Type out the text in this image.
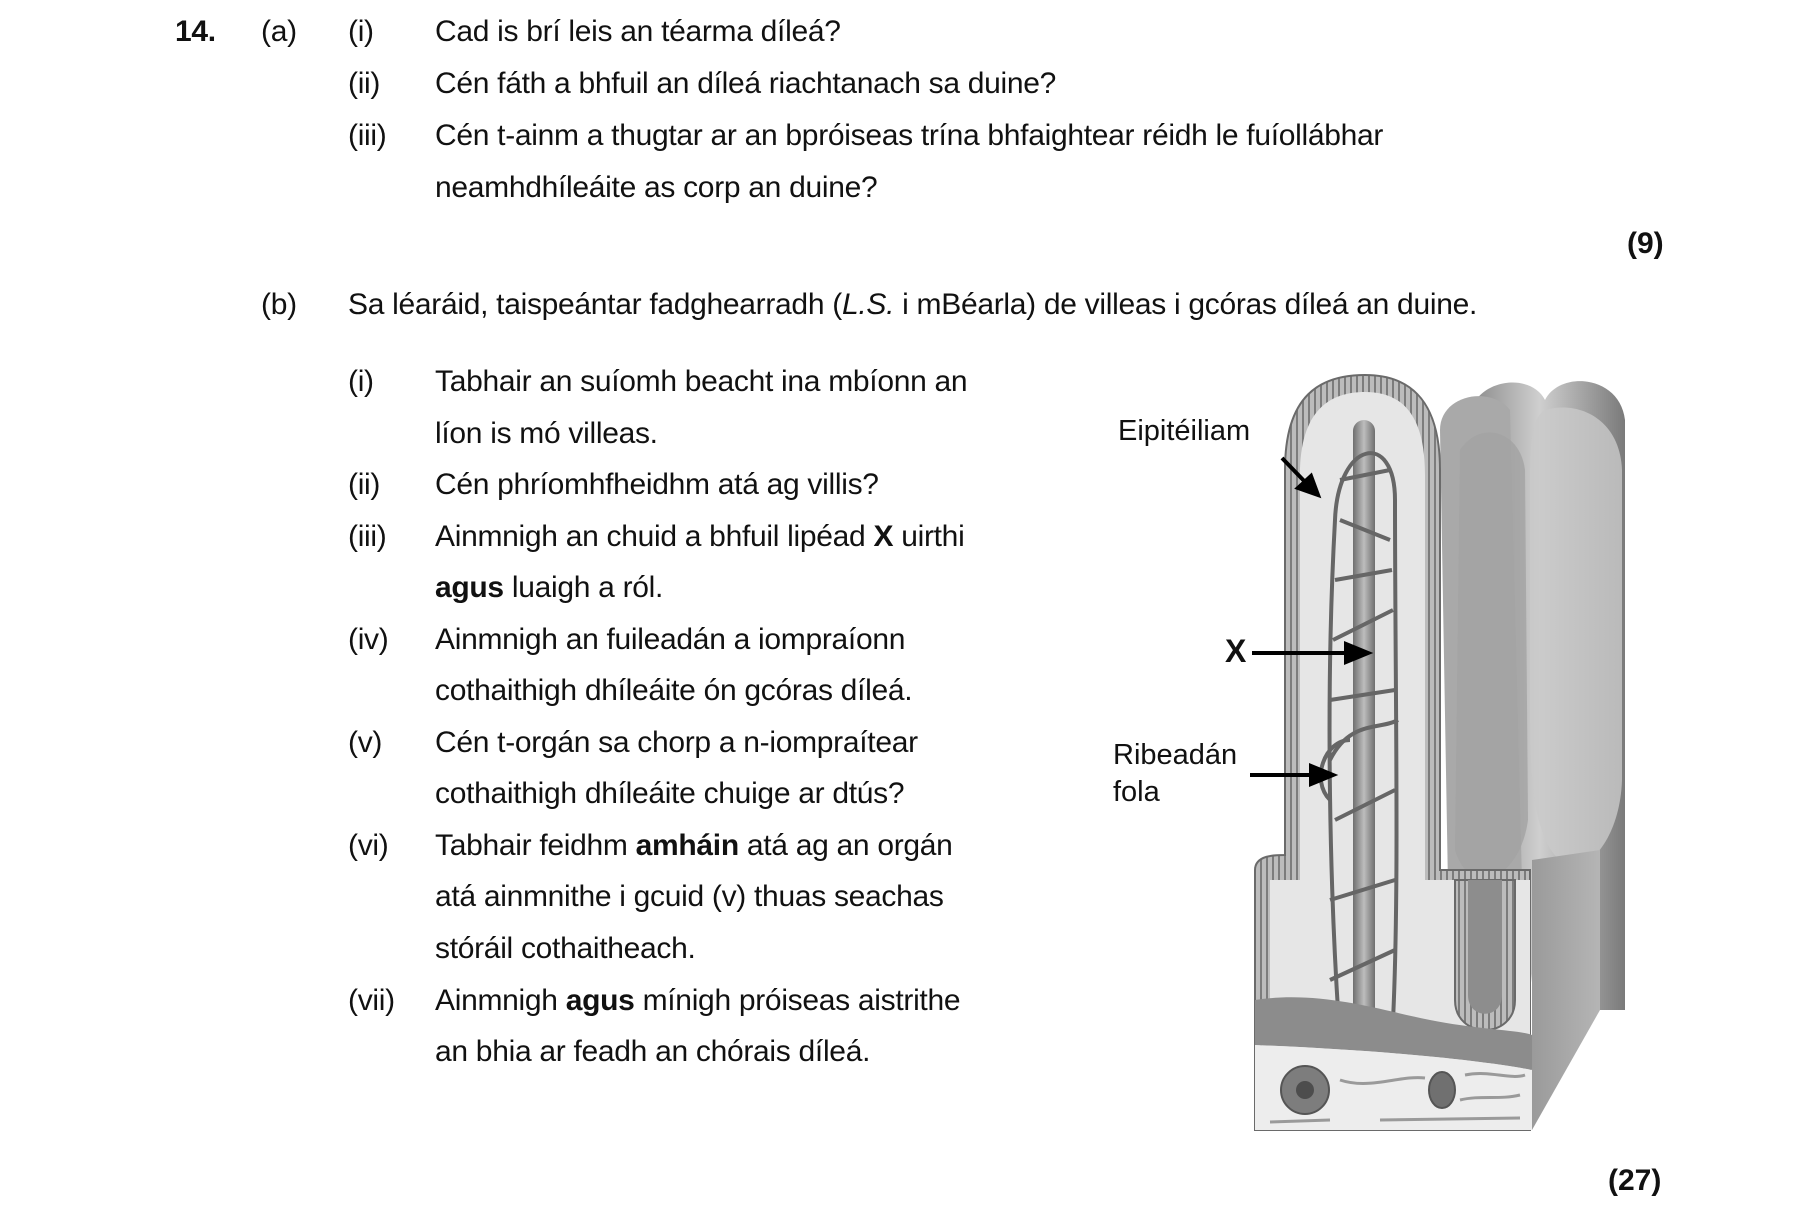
14. (a) (i) Cad is brí leis an téarma díleá?
(ii) Cén fáth a bhfuil an díleá riachtanach sa duine?
(iii) Cén t-ainm a thugtar ar an bpróiseas trína bhfaightear réidh le fuíollábhar
neamhdhíleáite as corp an duine?
(9)
(b) Sa léaráid, taispeántar fadghearradh (L.S. i mBéarla) de villeas i gcóras díleá an duine.
(i) Tabhair an suíomh beacht ina mbíonn an
líon is mó villeas.
(ii) Cén phríomhfheidhm atá ag villis?
(iii) Ainmnigh an chuid a bhfuil lipéad X uirthi
agus luaigh a ról.
(iv) Ainmnigh an fuileadán a iompraíonn
cothaithigh dhíleáite ón gcóras díleá.
(v) Cén t-orgán sa chorp a n-iompraítear
cothaithigh dhíleáite chuige ar dtús?
(vi) Tabhair feidhm amháin atá ag an orgán
atá ainmnithe i gcuid (v) thuas seachas
stóráil cothaitheach.
(vii) Ainmnigh agus mínigh próiseas aistrithe
an bhia ar feadh an chórais díleá.
(27)
Eipitéiliam
X
Ribeadán
fola
